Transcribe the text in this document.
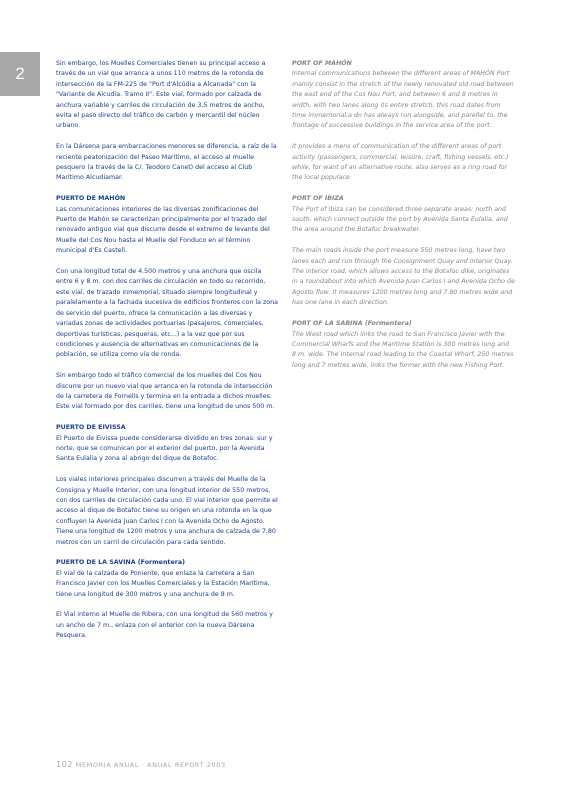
2

Sin embargo, los Muelles Comerciales tienen su principal acceso a través de un vial que arranca a unos 110 metros de la rotonda de intersección de la FM-225 de "Port d'Alcúdia a Alcanada" con la "Variante de Alcudia. Tramo II". Este vial, formado por calzada de anchura variable y carriles de circulación de 3,5 metros de ancho, evita el paso directo del tráfico de carbón y mercantil del núcleo urbano.

En la Dársena para embarcaciones menores se diferencia, a raíz de la reciente peatonización del Paseo Marítimo, el acceso al muelle pesquero (a través de la C/. Teodoro Canet) del acceso al Club Marítimo Alcudiamar.

PUERTO DE MAHÓN

Las comunicaciones interiores de las diversas zonificaciones del Puerto de Mahón se caracterizan principalmente por el trazado del renovado antiguo vial que discurre desde el extremo de levante del Muelle del Cos Nou hasta el Muelle del Fonduco en el término municipal d'Es Castell.

Con una longitud total de 4.500 metros y una anchura que oscila entre 6 y 8 m. con dos carriles de circulación en todo su recorrido, este vial, de trazado inmemorial, situado siempre longitudinal y paralelamente a la fachada sucesiva de edificios fronteros con la zona de servicio del puerto, ofrece la comunicación a las diversas y variadas zonas de actividades portuarias (pasajeros, comerciales, deportivas turísticas, pesqueras, etc...) a la vez que por sus condiciones y ausencia de alternativas en comunicaciones de la población, se utiliza como vía de ronda.

Sin embargo todo el tráfico comercial de los muelles del Cos Nou discurre por un nuevo vial que arranca en la rotonda de intersección de la carretera de Fornells y termina en la entrada a dichos muelles. Este vial formado por dos carriles, tiene una longitud de unos 500 m.

PUERTO DE EIVISSA

El Puerto de Eivissa puede considerarse dividido en tres zonas: sur y norte, que se comunican por el exterior del puerto, por la Avenida Santa Eulalia y zona al abrigo del dique de Botafoc.

Los viales interiores principales discurren a través del Muelle de la Consigna y Muelle Interior, con una longitud interior de 550 metros, con dos carriles de circulación cada uno. El vial interior que permite el acceso al dique de Botafoc tiene su origen en una rotonda en la que confluyen la Avenida Juan Carlos I con la Avenida Ocho de Agosto. Tiene una longitud de 1200 metros y una anchura de calzada de 7,80 metros con un carril de circulación para cada sentido.

PUERTO DE LA SAVINA (Formentera)

El vial de la calzada de Poniente, que enlaza la carretera a San Francisco Javier con los Muelles Comerciales y la Estación Marítima, tiene una longitud de 300 metros y una anchura de 8 m.

El Vial interno al Muelle de Ribera, con una longitud de 560 metros y un ancho de 7 m., enlaza con el anterior con la nueva Dársena Pesquera.

PORT OF MAHÓN

Internal communications between the different areas of MAHÓN Port mainly consist in the stretch of the newly renovated old road between the east end of the Cos Nou Port, and between 6 and 8 metres in width, with two lanes along its entire stretch, this road dates from time immemorial,a dn has always run alongside, and parellel to, the frontage of successive buildings in the service area of the port.

It provides a mens of communication of the different areas of port activity (passengers, commercial, leisure, craft, fishing vessels, etc.) while, for want of an alternative route, also serves as a ring road for the local populace.

PORT OF IBIZA

The Port of Ibiza can be considered three separate areas: north and south, which connect outside the port by Avenida Santa Eulalia, and the area around the Botafoc breakwater.

The main roads inside the port measure 550 metres long, have two lanes each and run through the Consignment Quay and Interior Quay. The interior road, which allows access to the Botafoc dike, originates in a roundabout into which Avenida Juan Carlos I and Avenida Ocho de Agosto flow. It measures 1200 metres long and 7.80 metres wide and has one lane in each direction.

PORT OF LA SABINA (Formentera)

The West road which links the road to San Francisco Javier with the Commercial Wharfs and the Maritime Station is 300 metres long and 8 m. wide. The internal road leading to the Coastal Wharf, 250 metres long and 7 metres wide, links the former with the new Fishing Port.

102 MEMORIA ANUAL · ANUAL REPORT 2003
